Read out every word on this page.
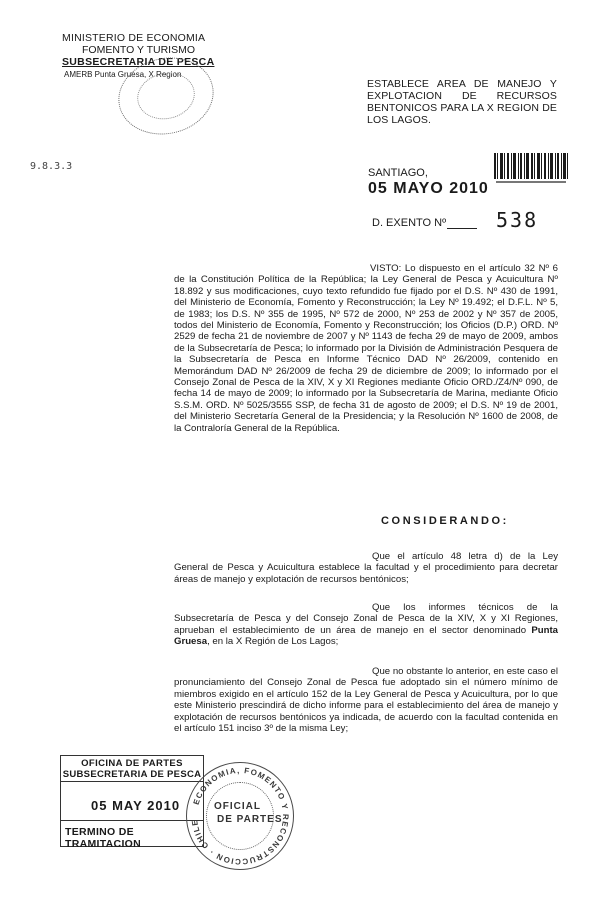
MINISTERIO DE ECONOMIA
FOMENTO Y TURISMO
SUBSECRETARIA DE PESCA
AMERB Punta Gruesa, X Region
9.8.3.3
ESTABLECE AREA DE MANEJO Y EXPLOTACION DE RECURSOS BENTONICOS PARA LA X REGION DE LOS LAGOS.
SANTIAGO,
05 MAYO 2010
D. EXENTO Nº 538
VISTO: Lo dispuesto en el artículo 32 Nº 6 de la Constitución Política de la República; la Ley General de Pesca y Acuicultura Nº 18.892 y sus modificaciones, cuyo texto refundido fue fijado por el D.S. Nº 430 de 1991, del Ministerio de Economía, Fomento y Reconstrucción; la Ley Nº 19.492; el D.F.L. Nº 5, de 1983; los D.S. Nº 355 de 1995, Nº 572 de 2000, Nº 253 de 2002 y Nº 357 de 2005, todos del Ministerio de Economía, Fomento y Reconstrucción; los Oficios (D.P.) ORD. Nº 2529 de fecha 21 de noviembre de 2007 y Nº 1143 de fecha 29 de mayo de 2009, ambos de la Subsecretaría de Pesca; lo informado por la División de Administración Pesquera de la Subsecretaría de Pesca en Informe Técnico DAD Nº 26/2009, contenido en Memorándum DAD Nº 26/2009 de fecha 29 de diciembre de 2009; lo informado por el Consejo Zonal de Pesca de la XIV, X y XI Regiones mediante Oficio ORD./Z4/Nº 090, de fecha 14 de mayo de 2009; lo informado por la Subsecretaría de Marina, mediante Oficio S.S.M. ORD. Nº 5025/3555 SSP, de fecha 31 de agosto de 2009; el D.S. Nº 19 de 2001, del Ministerio Secretaría General de la Presidencia; y la Resolución Nº 1600 de 2008, de la Contraloría General de la República.
CONSIDERANDO:
Que el artículo 48 letra d) de la Ley General de Pesca y Acuicultura establece la facultad y el procedimiento para decretar áreas de manejo y explotación de recursos bentónicos;
Que los informes técnicos de la Subsecretaría de Pesca y del Consejo Zonal de Pesca de la XIV, X y XI Regiones, aprueban el establecimiento de un área de manejo en el sector denominado Punta Gruesa, en la X Región de Los Lagos;
Que no obstante lo anterior, en este caso el pronunciamiento del Consejo Zonal de Pesca fue adoptado sin el número mínimo de miembros exigido en el artículo 152 de la Ley General de Pesca y Acuicultura, por lo que este Ministerio prescindirá de dicho informe para el establecimiento del área de manejo y explotación de recursos bentónicos ya indicada, de acuerdo con la facultad contenida en el artículo 151 inciso 3º de la misma Ley;
OFICINA DE PARTES
SUBSECRETARIA DE PESCA
05 MAY 2010
TERMINO DE TRAMITACION
ECONOMIA, FOMENTO Y RECONSTRUCCION · CHILE
OFICIAL
DE PARTES
